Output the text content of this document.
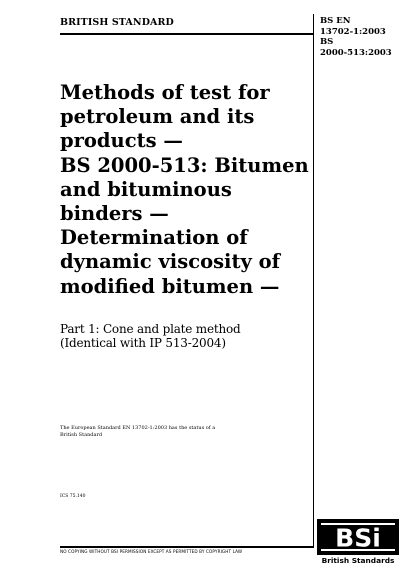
BRITISH STANDARD	BS EN
13702-1:2003
BS
2000-513:2003
Methods of test for
petroleum and its
products —
BS 2000-513: Bitumen
and bituminous
binders —
Determination of
dynamic viscosity of
modified bitumen —
Part 1: Cone and plate method
(Identical with IP 513-2004)
The European Standard EN 13702-1:2003 has the status of a
British Standard
ICS 75.140
NO COPYING WITHOUT BSI PERMISSION EXCEPT AS PERMITTED BY COPYRIGHT LAW	BSi
British Standards
